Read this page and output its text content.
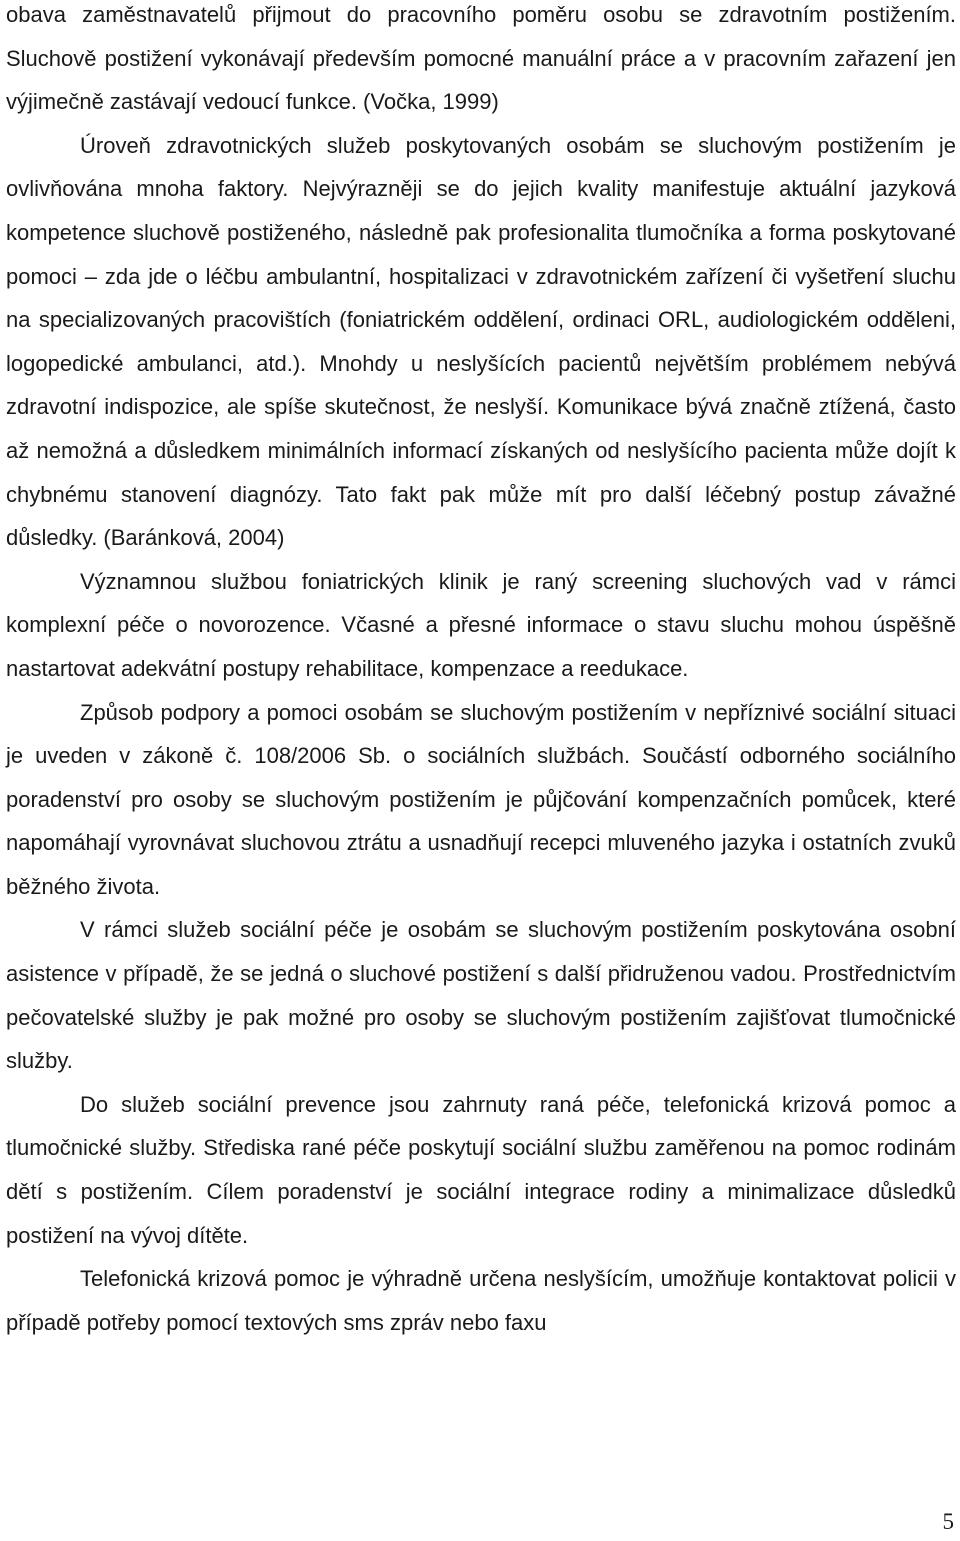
obava zaměstnavatelů přijmout do pracovního poměru osobu se zdravotním postižením. Sluchově postižení vykonávají především pomocné manuální práce a v pracovním zařazení jen výjimečně zastávají vedoucí funkce. (Vočka, 1999)

Úroveň zdravotnických služeb poskytovaných osobám se sluchovým postižením je ovlivňována mnoha faktory. Nejvýrazněji se do jejich kvality manifestuje aktuální jazyková kompetence sluchově postiženého, následně pak profesionalita tlumočníka a forma poskytované pomoci – zda jde o léčbu ambulantní, hospitalizaci v zdravotnickém zařízení či vyšetření sluchu na specializovaných pracovištích (foniatrickém oddělení, ordinaci ORL, audiologickém odděleni, logopedické ambulanci, atd.). Mnohdy u neslyšících pacientů největším problémem nebývá zdravotní indispozice, ale spíše skutečnost, že neslyší. Komunikace bývá značně ztížená, často až nemožná a důsledkem minimálních informací získaných od neslyšícího pacienta může dojít k chybnému stanovení diagnózy. Tato fakt pak může mít pro další léčebný postup závažné důsledky. (Baránková, 2004)

Významnou službou foniatrických klinik je raný screening sluchových vad v rámci komplexní péče o novorozence. Včasné a přesné informace o stavu sluchu mohou úspěšně nastartovat adekvátní postupy rehabilitace, kompenzace a reedukace.

Způsob podpory a pomoci osobám se sluchovým postižením v nepříznivé sociální situaci je uveden v zákoně č. 108/2006 Sb. o sociálních službách. Součástí odborného sociálního poradenství pro osoby se sluchovým postižením je půjčování kompenzačních pomůcek, které napomáhají vyrovnávat sluchovou ztrátu a usnadňují recepci mluveného jazyka i ostatních zvuků běžného života.

V rámci služeb sociální péče je osobám se sluchovým postižením poskytována osobní asistence v případě, že se jedná o sluchové postižení s další přidruženou vadou. Prostřednictvím pečovatelské služby je pak možné pro osoby se sluchovým postižením zajišťovat tlumočnické služby.

Do služeb sociální prevence jsou zahrnuty raná péče, telefonická krizová pomoc a tlumočnické služby. Střediska rané péče poskytují sociální službu zaměřenou na pomoc rodinám dětí s postižením. Cílem poradenství je sociální integrace rodiny a minimalizace důsledků postižení na vývoj dítěte.

Telefonická krizová pomoc je výhradně určena neslyšícím, umožňuje kontaktovat policii v případě potřeby pomocí textových sms zpráv nebo faxu

5
